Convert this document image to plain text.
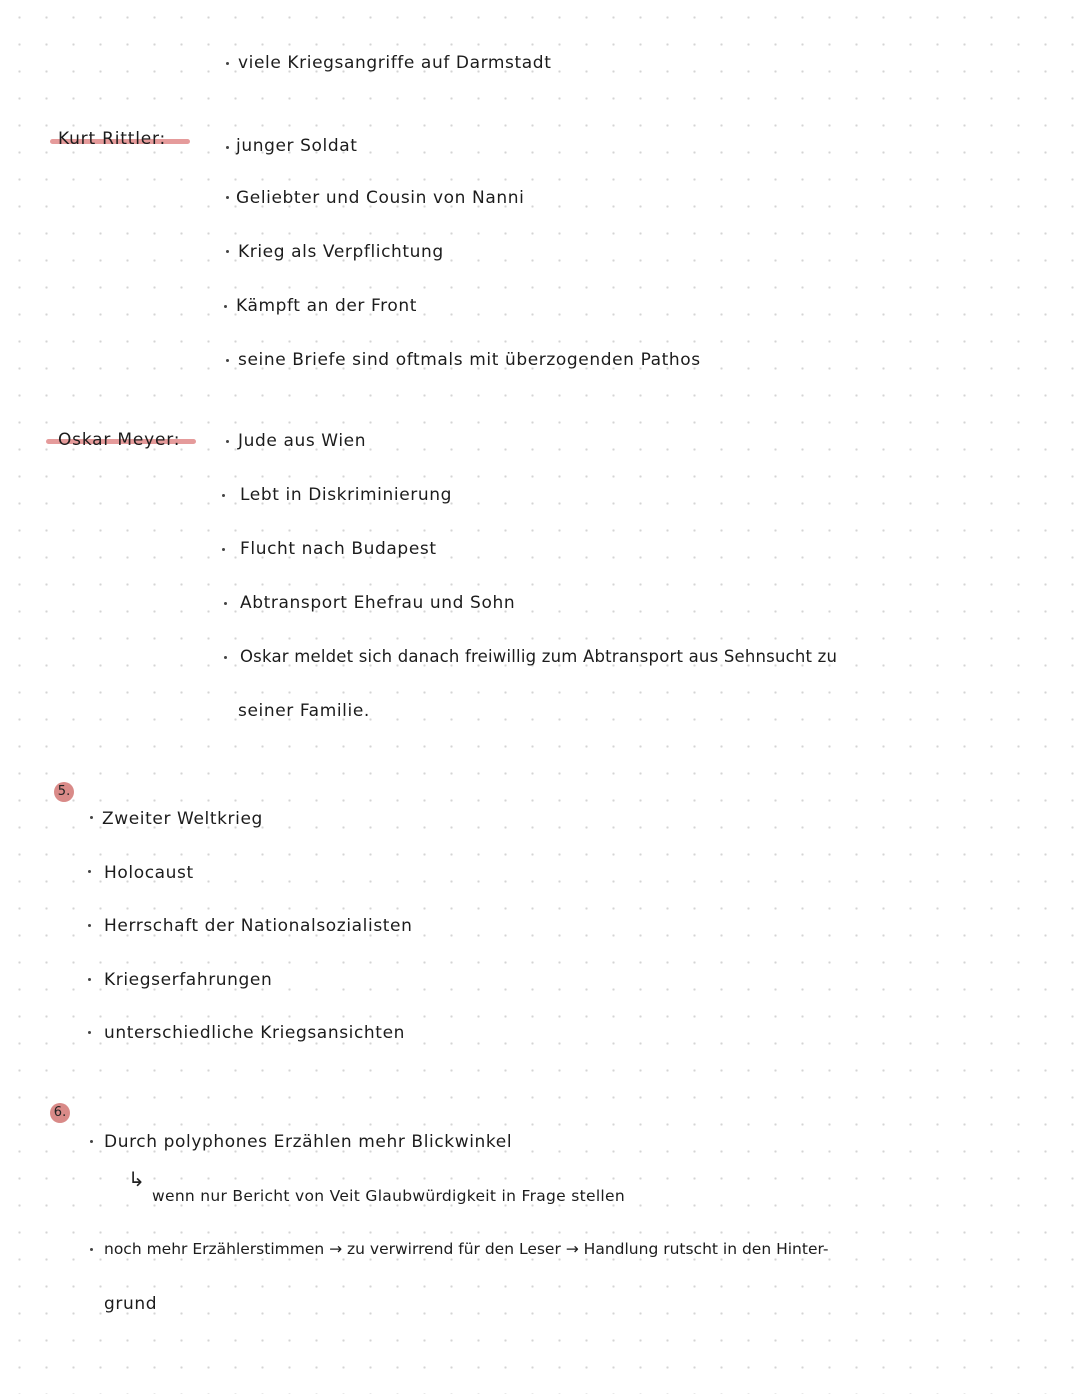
viele Kriegsangriffe auf Darmstadt
Kurt Rittler:	junger Soldat
Geliebter und Cousin von Nanni
Krieg als Verpflichtung
Kämpft an der Front
seine Briefe sind oftmals mit überzogenden Pathos
Oskar Meyer:	Jude aus Wien
Lebt in Diskriminierung
Flucht nach Budapest
Abtransport Ehefrau und Sohn
Oskar meldet sich danach freiwillig zum Abtransport aus Sehnsucht zu
seiner Familie.
5.
Zweiter Weltkrieg
Holocaust
Herrschaft der Nationalsozialisten
Kriegserfahrungen
unterschiedliche Kriegsansichten
6.
Durch polyphones Erzählen mehr Blickwinkel
↳
wenn nur Bericht von Veit Glaubwürdigkeit in Frage stellen
noch mehr Erzählerstimmen → zu verwirrend für den Leser → Handlung rutscht in den Hinter-
grund
